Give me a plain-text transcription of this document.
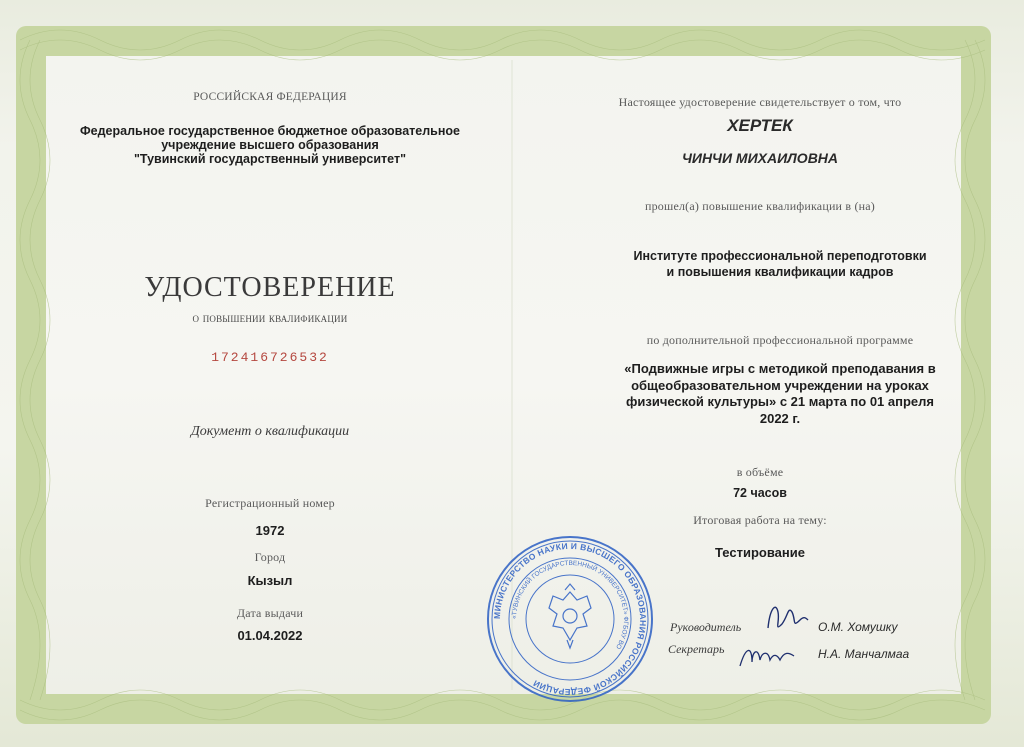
РОССИЙСКАЯ ФЕДЕРАЦИЯ
Федеральное государственное бюджетное образовательное
учреждение высшего образования
"Тувинский государственный университет"
УДОСТОВЕРЕНИЕ
о повышении квалификации
172416726532
Документ о квалификации
Регистрационный номер
1972
Город
Кызыл
Дата выдачи
01.04.2022
Настоящее удостоверение свидетельствует о том, что
ХЕРТЕК
ЧИНЧИ МИХАИЛОВНА
прошел(а) повышение квалификации в (на)
Институте профессиональной переподготовки
и повышения квалификации кадров
по дополнительной профессиональной программе
«Подвижные игры с методикой преподавания в
общеобразовательном учреждении на уроках
физической культуры» с 21 марта по 01 апреля
2022 г.
в объёме
72 часов
Итоговая работа на тему:
Тестирование
Руководитель	О.М. Хомушку
Секретарь	Н.А. Манчалмаа
МИНИСТЕРСТВО НАУКИ И ВЫСШЕГО ОБРАЗОВАНИЯ РОССИЙСКОЙ ФЕДЕРАЦИИ
«ТУВИНСКИЙ ГОСУДАРСТВЕННЫЙ УНИВЕРСИТЕТ» ФГБОУ ВО
